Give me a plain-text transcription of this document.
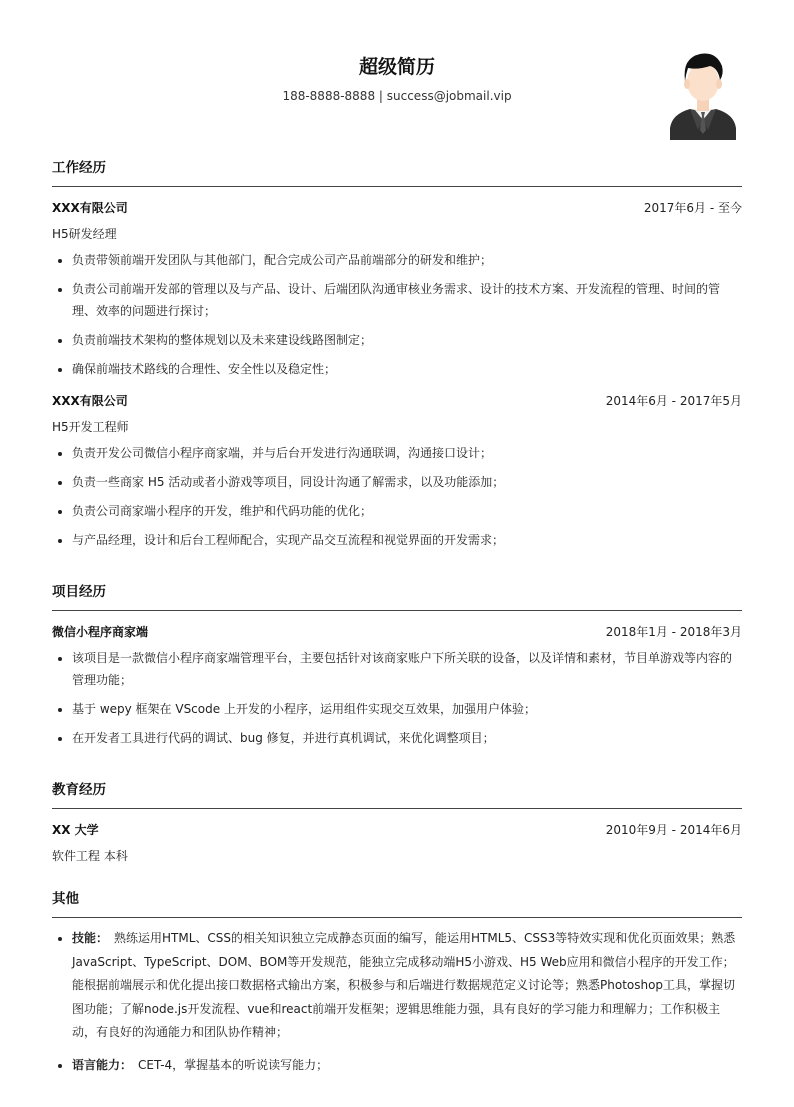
超级简历
188-8888-8888 | success@jobmail.vip
工作经历
XXX有限公司	2017年6月 - 至今
H5研发经理
• 负责带领前端开发团队与其他部门，配合完成公司产品前端部分的研发和维护；
• 负责公司前端开发部的管理以及与产品、设计、后端团队沟通审核业务需求、设计的技术方案、开发流程的管理、时间的管理、效率的问题进行探讨；
• 负责前端技术架构的整体规划以及未来建设线路图制定；
• 确保前端技术路线的合理性、安全性以及稳定性；
XXX有限公司	2014年6月 - 2017年5月
H5开发工程师
• 负责开发公司微信小程序商家端，并与后台开发进行沟通联调，沟通接口设计；
• 负责一些商家 H5 活动或者小游戏等项目，同设计沟通了解需求，以及功能添加；
• 负责公司商家端小程序的开发，维护和代码功能的优化；
• 与产品经理，设计和后台工程师配合，实现产品交互流程和视觉界面的开发需求；
项目经历
微信小程序商家端	2018年1月 - 2018年3月
• 该项目是一款微信小程序商家端管理平台，主要包括针对该商家账户下所关联的设备，以及详情和素材，节目单游戏等内容的管理功能；
• 基于 wepy 框架在 VScode 上开发的小程序，运用组件实现交互效果，加强用户体验；
• 在开发者工具进行代码的调试、bug 修复，并进行真机调试，来优化调整项目；
教育经历
XX 大学	2010年9月 - 2014年6月
软件工程 本科
其他
• 技能： 熟练运用HTML、CSS的相关知识独立完成静态页面的编写，能运用HTML5、CSS3等特效实现和优化页面效果；熟悉JavaScript、TypeScript、DOM、BOM等开发规范，能独立完成移动端H5小游戏、H5 Web应用和微信小程序的开发工作；能根据前端展示和优化提出接口数据格式输出方案，积极参与和后端进行数据规范定义讨论等；熟悉Photoshop工具，掌握切图功能；了解node.js开发流程、vue和react前端开发框架；逻辑思维能力强，具有良好的学习能力和理解力；工作积极主动，有良好的沟通能力和团队协作精神；
• 语言能力： CET-4，掌握基本的听说读写能力；
